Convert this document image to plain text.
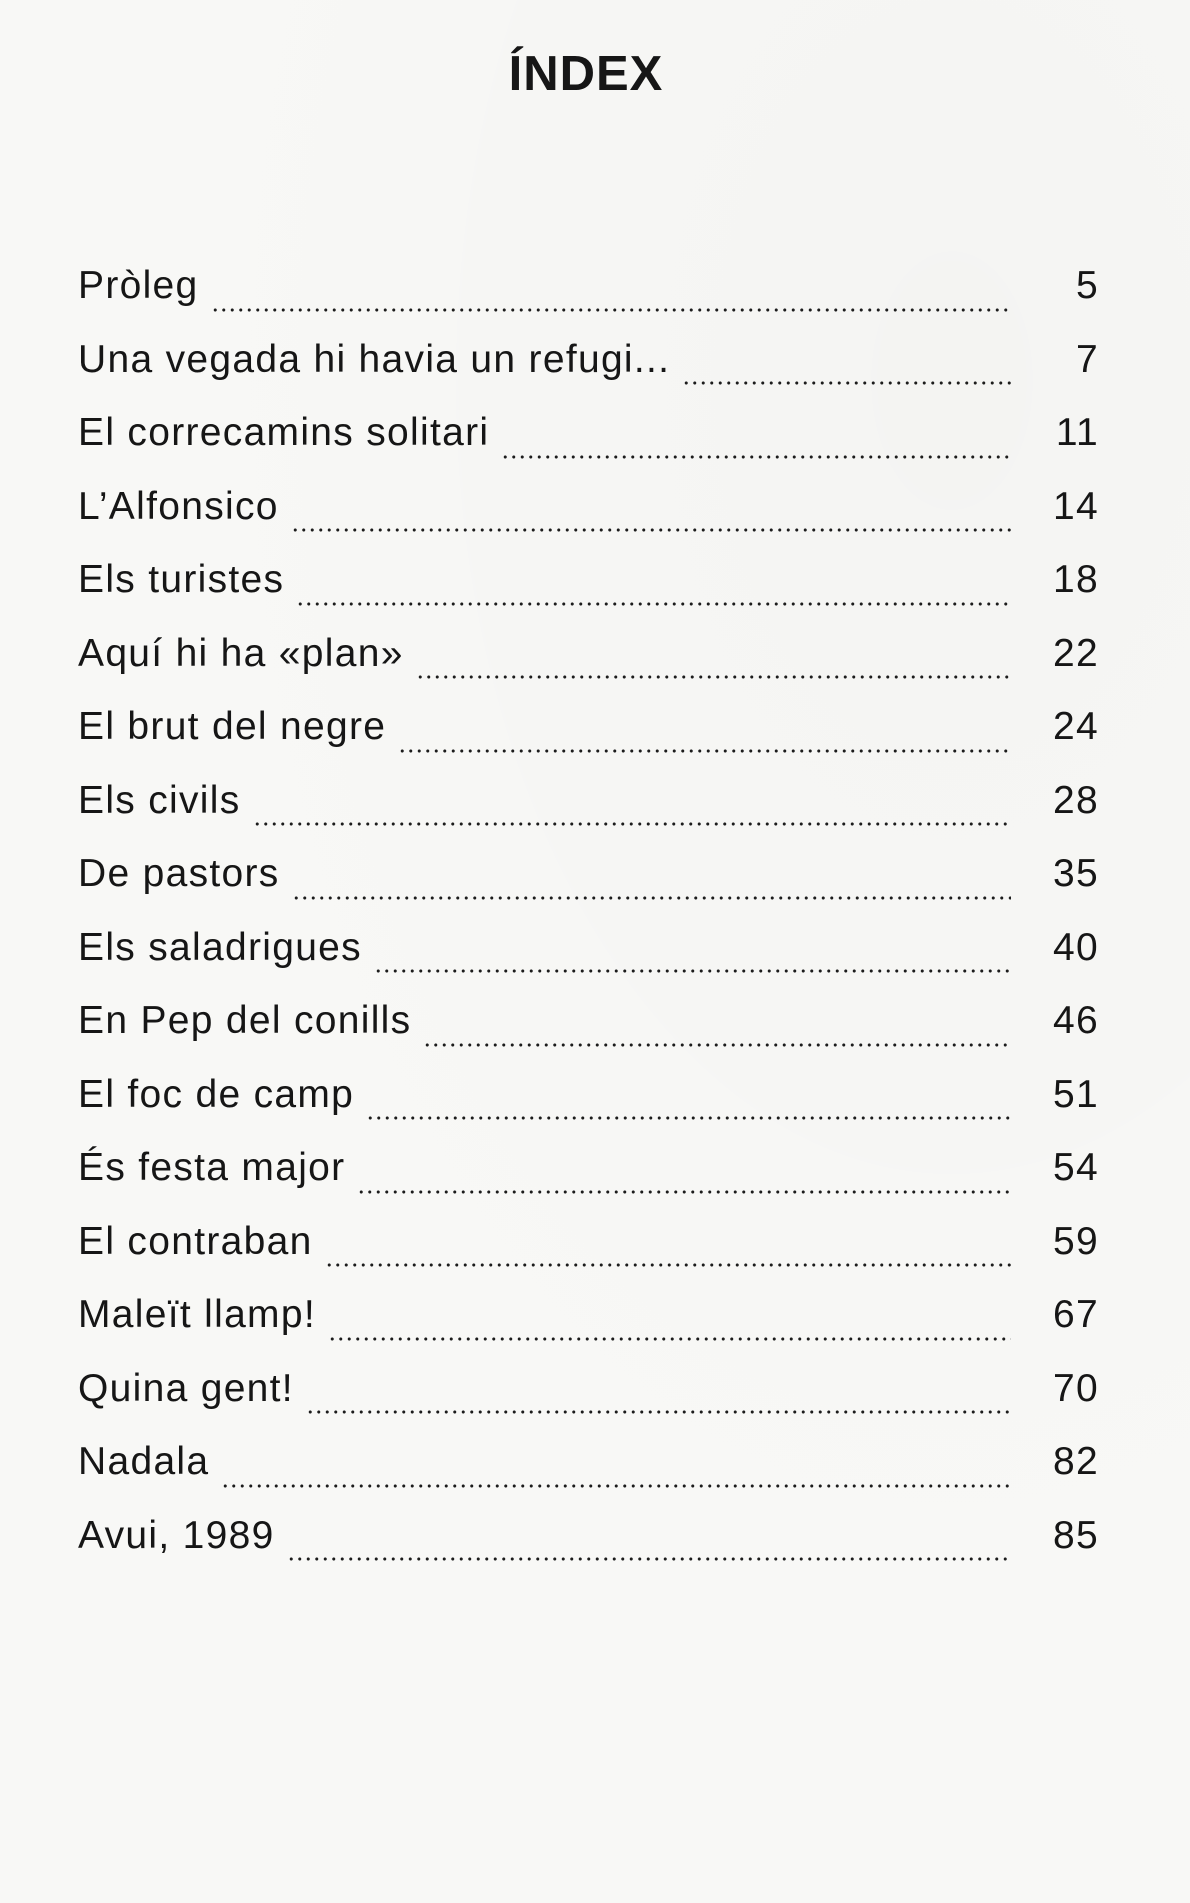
ÍNDEX
Pròleg	5
Una vegada hi havia un refugi...	7
El correcamins solitari	11
L’Alfonsico	14
Els turistes	18
Aquí hi ha «plan»	22
El brut del negre	24
Els civils	28
De pastors	35
Els saladrigues	40
En Pep del conills	46
El foc de camp	51
És festa major	54
El contraban	59
Maleït llamp!	67
Quina gent!	70
Nadala	82
Avui, 1989	85
